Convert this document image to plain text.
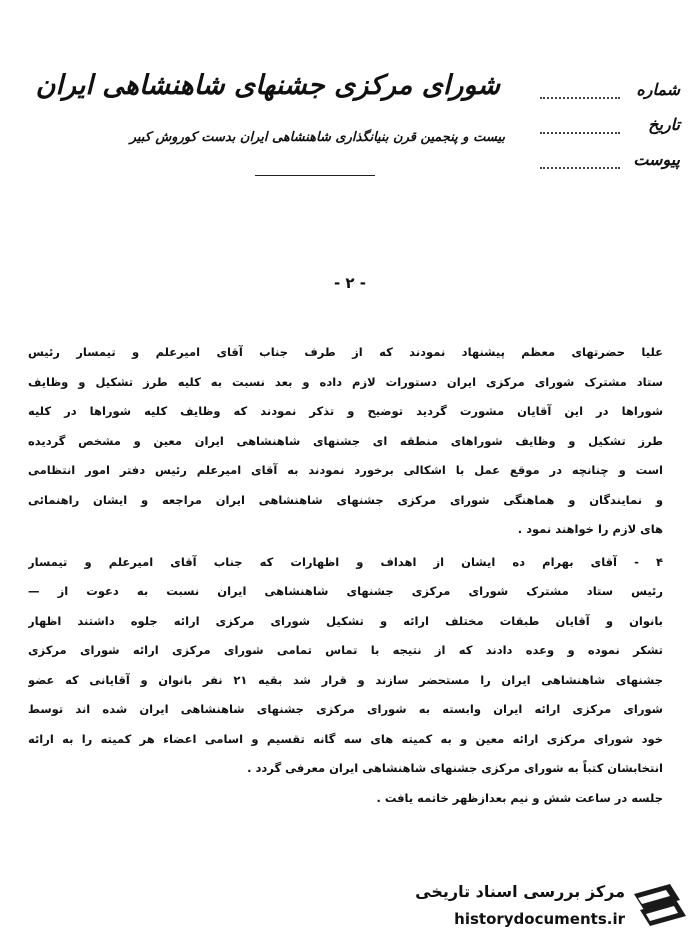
شورای مرکزی جشنهای شاهنشاهی ایران
بیست و پنجمین قرن بنیانگذاری شاهنشاهی ایران بدست کوروش کبیر
شماره
تاریخ
پیوست
- ۲ -
علیا حضرتهای معظم پیشنهاد نمودند که از طرف جناب آقای امیرعلم و تیمسار رئیس
ستاد مشترک شورای مرکزی ایران دستورات لازم داده و بعد نسبت به کلیه طرز تشکیل و وظایف
شوراها در این آقایان مشورت گردید توضیح و تذکر نمودند که وظایف کلیه شوراها در کلیه
طرز تشکیل و وظایف شوراهای منطقه ای جشنهای شاهنشاهی ایران معین و مشخص گردیده
است و چنانچه در موقع عمل با اشکالی برخورد نمودند به آقای امیرعلم رئیس دفتر امور انتظامی
و نمایندگان و هماهنگی شورای مرکزی جشنهای شاهنشاهی ایران مراجعه و ایشان راهنمائی
های لازم را خواهند نمود .
۴ - آقای بهرام ده ایشان از اهداف و اظهارات که جناب آقای امیرعلم و تیمسار
رئیس ستاد مشترک شورای مرکزی جشنهای شاهنشاهی ایران نسبت به دعوت از —
بانوان و آقایان طبقات مختلف ارائه و تشکیل شورای مرکزی ارائه جلوه داشتند اظهار
تشکر نموده و وعده دادند که از نتیجه با تماس تمامی شورای مرکزی ارائه شورای مرکزی
جشنهای شاهنشاهی ایران را مستحضر سازند و قرار شد بقیه ۲۱ نفر بانوان و آقایانی که عضو
شورای مرکزی ارائه ایران وابسته به شورای مرکزی جشنهای شاهنشاهی ایران شده اند توسط
خود شورای مرکزی ارائه معین و به کمیته های سه گانه تقسیم و اسامی اعضاء هر کمیته را به ارائه
انتخابشان کتباً به شورای مرکزی جشنهای شاهنشاهی ایران معرفی گردد .
جلسه در ساعت شش و نیم بعدازظهر خاتمه یافت .
مرکز بررسی اسناد تاریخی
historydocuments.ir
